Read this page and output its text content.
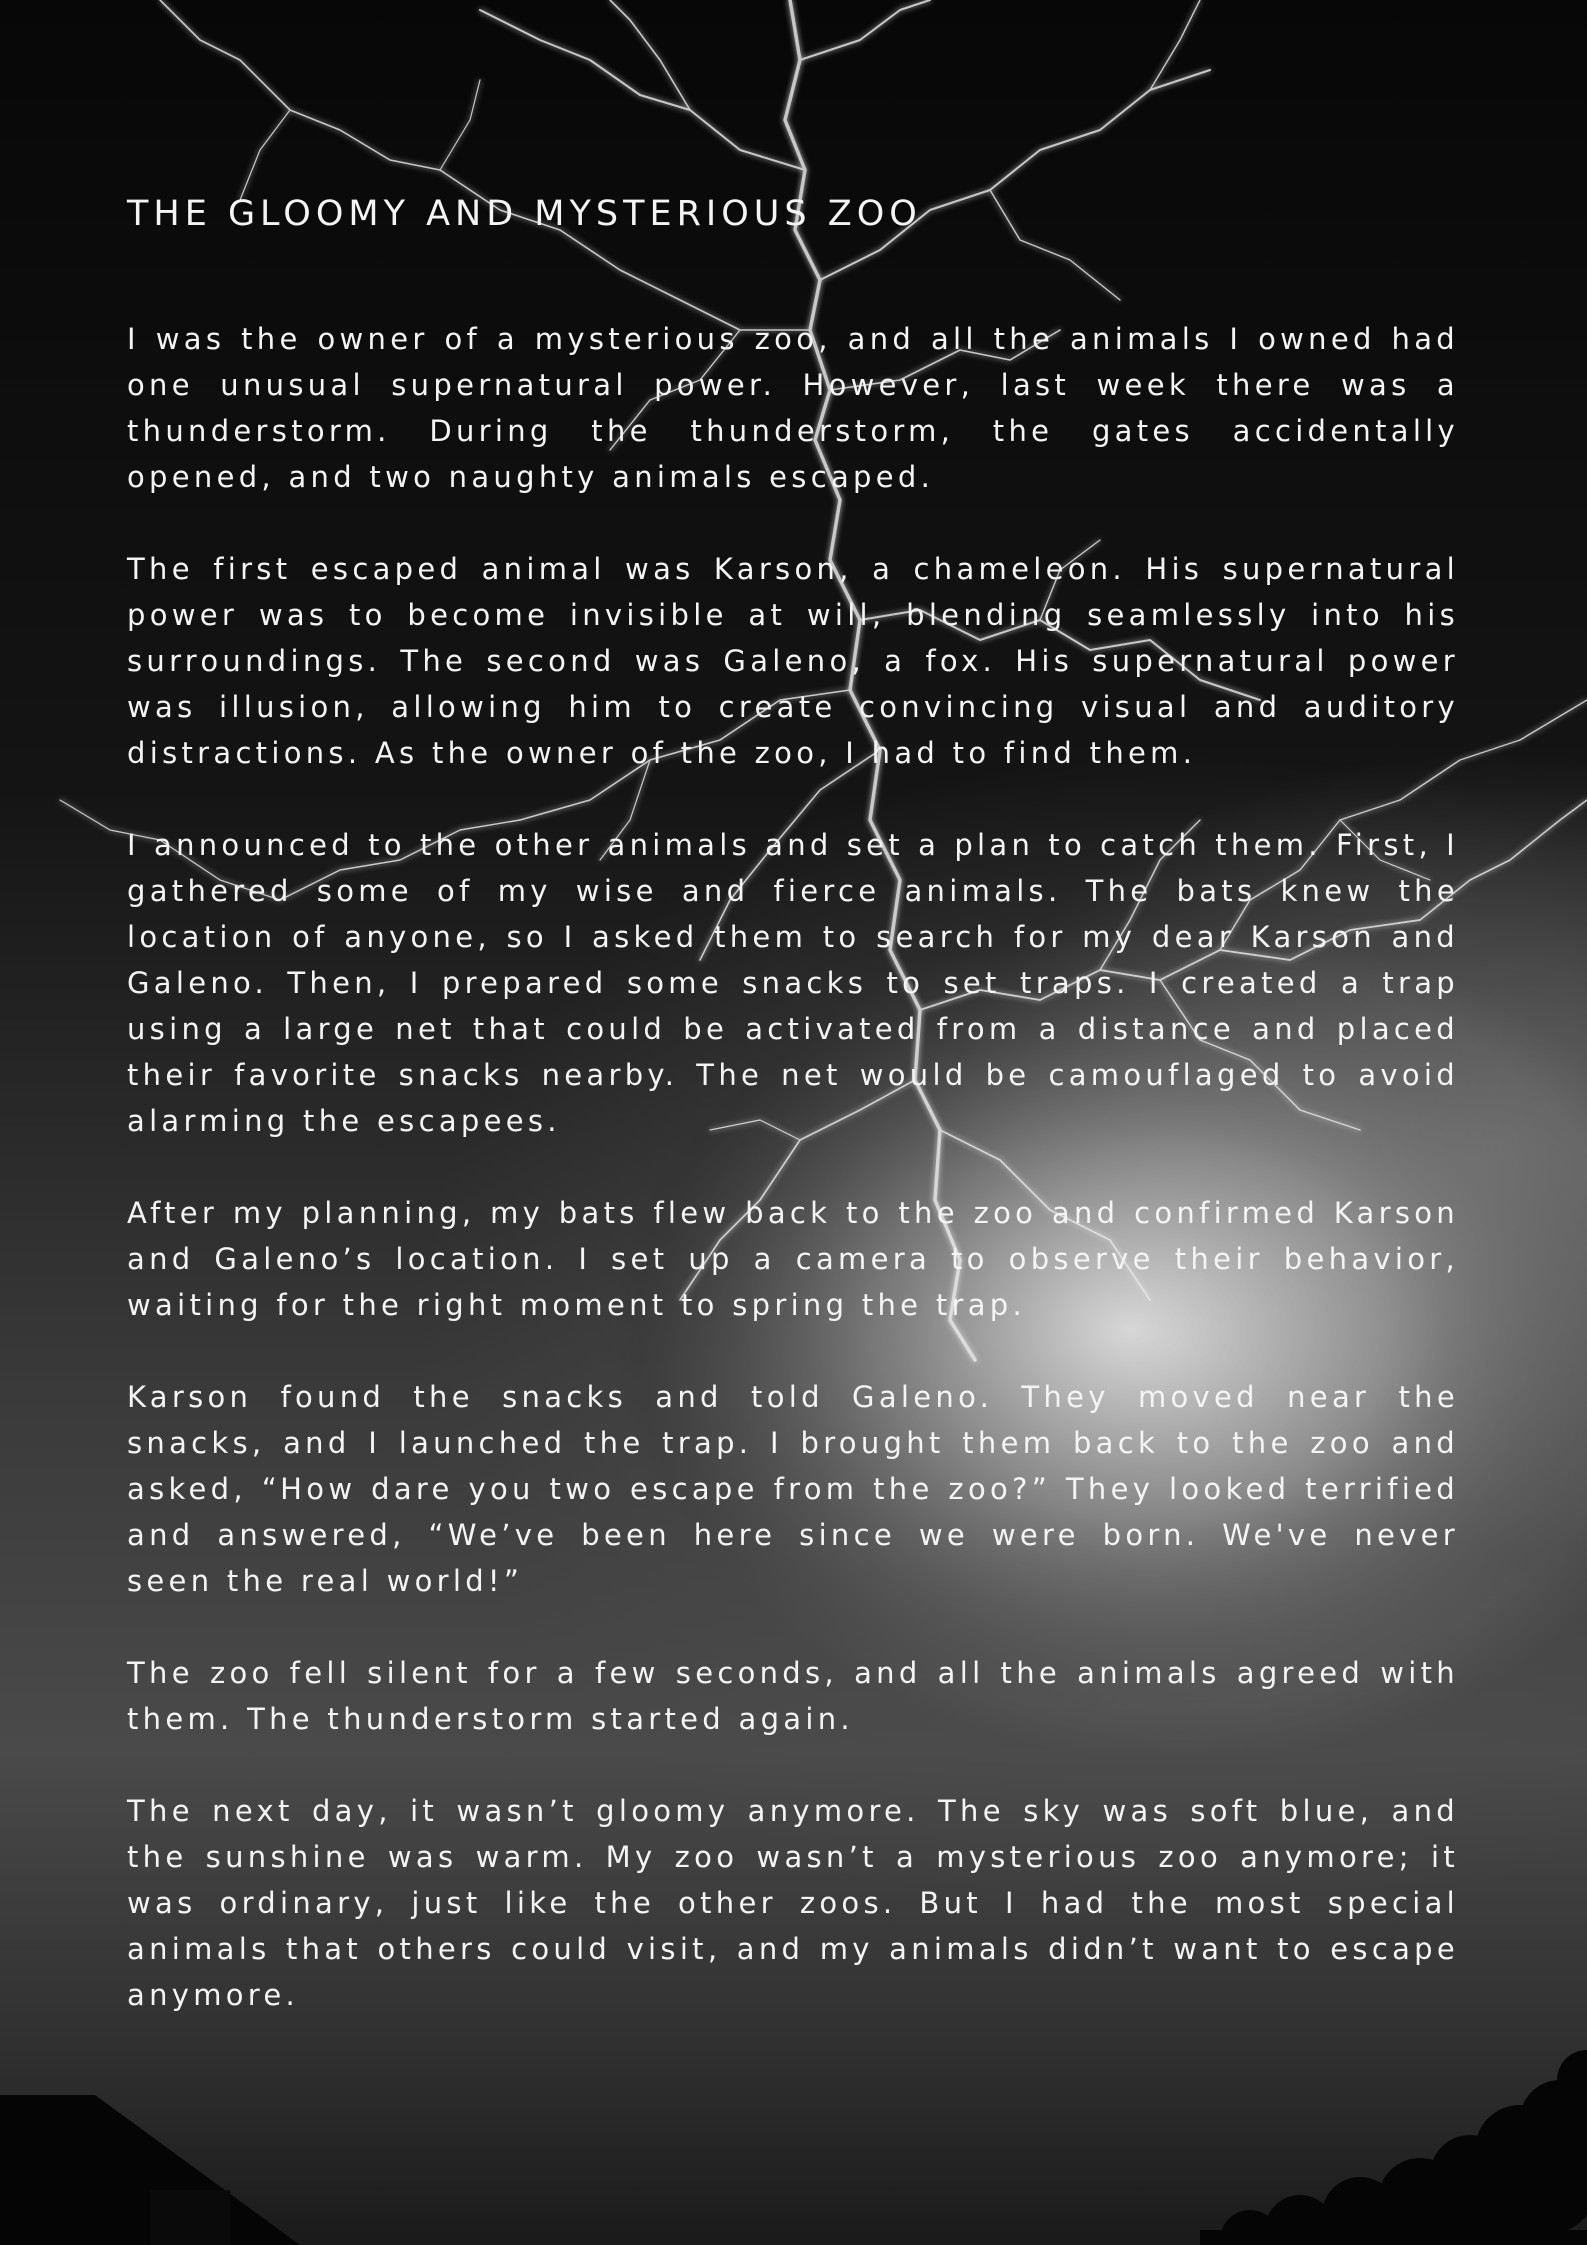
THE GLOOMY AND MYSTERIOUS ZOO

I was the owner of a mysterious zoo, and all the animals I owned had one unusual supernatural power. However, last week there was a thunderstorm. During the thunderstorm, the gates accidentally opened, and two naughty animals escaped.

The first escaped animal was Karson, a chameleon. His supernatural power was to become invisible at will, blending seamlessly into his surroundings. The second was Galeno, a fox. His supernatural power was illusion, allowing him to create convincing visual and auditory distractions. As the owner of the zoo, I had to find them.

I announced to the other animals and set a plan to catch them. First, I gathered some of my wise and fierce animals. The bats knew the location of anyone, so I asked them to search for my dear Karson and Galeno. Then, I prepared some snacks to set traps. I created a trap using a large net that could be activated from a distance and placed their favorite snacks nearby. The net would be camouflaged to avoid alarming the escapees.

After my planning, my bats flew back to the zoo and confirmed Karson and Galeno’s location. I set up a camera to observe their behavior, waiting for the right moment to spring the trap.

Karson found the snacks and told Galeno. They moved near the snacks, and I launched the trap. I brought them back to the zoo and asked, “How dare you two escape from the zoo?” They looked terrified and answered, “We’ve been here since we were born. We've never seen the real world!”

The zoo fell silent for a few seconds, and all the animals agreed with them. The thunderstorm started again.

The next day, it wasn’t gloomy anymore. The sky was soft blue, and the sunshine was warm. My zoo wasn’t a mysterious zoo anymore; it was ordinary, just like the other zoos. But I had the most special animals that others could visit, and my animals didn’t want to escape anymore.
